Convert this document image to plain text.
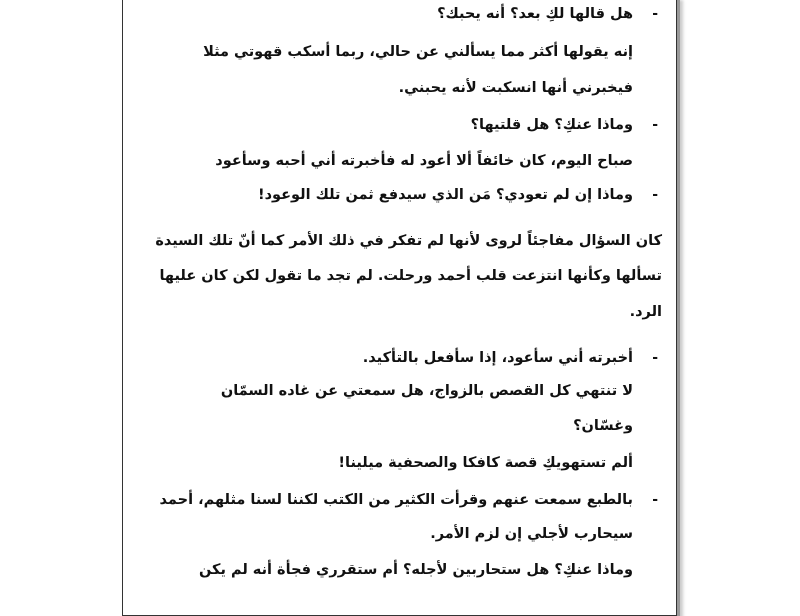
-
هل قالها لكِ بعد؟ أنه يحبك؟
إنه يقولها أكثر مما يسألني عن حالي، ربما أسكب قهوتي مثلا
فيخبرني أنها انسكبت لأنه يحبني.
-
وماذا عنكِ؟ هل قلتيها؟
صباح اليوم، كان خائفاً ألا أعود له فأخبرته أني أحبه وسأعود
-
وماذا إن لم تعودي؟ مَن الذي سيدفع ثمن تلك الوعود!
كان السؤال مفاجئاً لروى لأنها لم تفكر في ذلك الأمر كما أنّ تلك السيدة
تسألها وكأنها انتزعت قلب أحمد ورحلت. لم تجد ما تقول لكن كان عليها
الرد.
-
أخبرته أني سأعود، إذا سأفعل بالتأكيد.
لا تنتهي كل القصص بالزواج، هل سمعتي عن غاده السمّان
وغسّان؟
ألم تستهويكِ قصة كافكا والصحفية ميلينا!
-
بالطبع سمعت عنهم وقرأت الكثير من الكتب لكننا لسنا مثلهم، أحمد
سيحارب لأجلي إن لزم الأمر.
وماذا عنكِ؟ هل ستحاربين لأجله؟ أم ستقرري فجأة أنه لم يكن
